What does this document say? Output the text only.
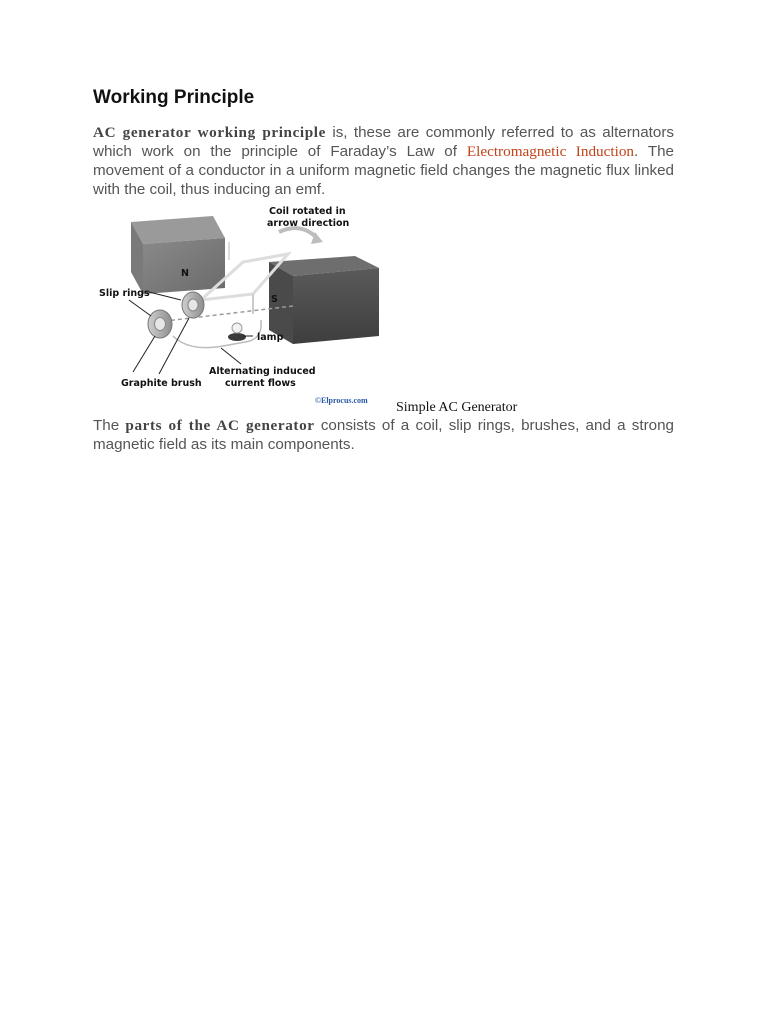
Working Principle

AC generator working principle is, these are commonly referred to as alternators which work on the principle of Faraday’s Law of Electromagnetic Induction. The movement of a conductor in a uniform magnetic field changes the magnetic flux linked with the coil, thus inducing an emf.

N
S
Coil rotated in
arrow direction
Slip rings
lamp
Graphite brush
Alternating induced
current flows
©Elprocus.com Simple AC Generator

The parts of the AC generator consists of a coil, slip rings, brushes, and a strong magnetic field as its main components.
